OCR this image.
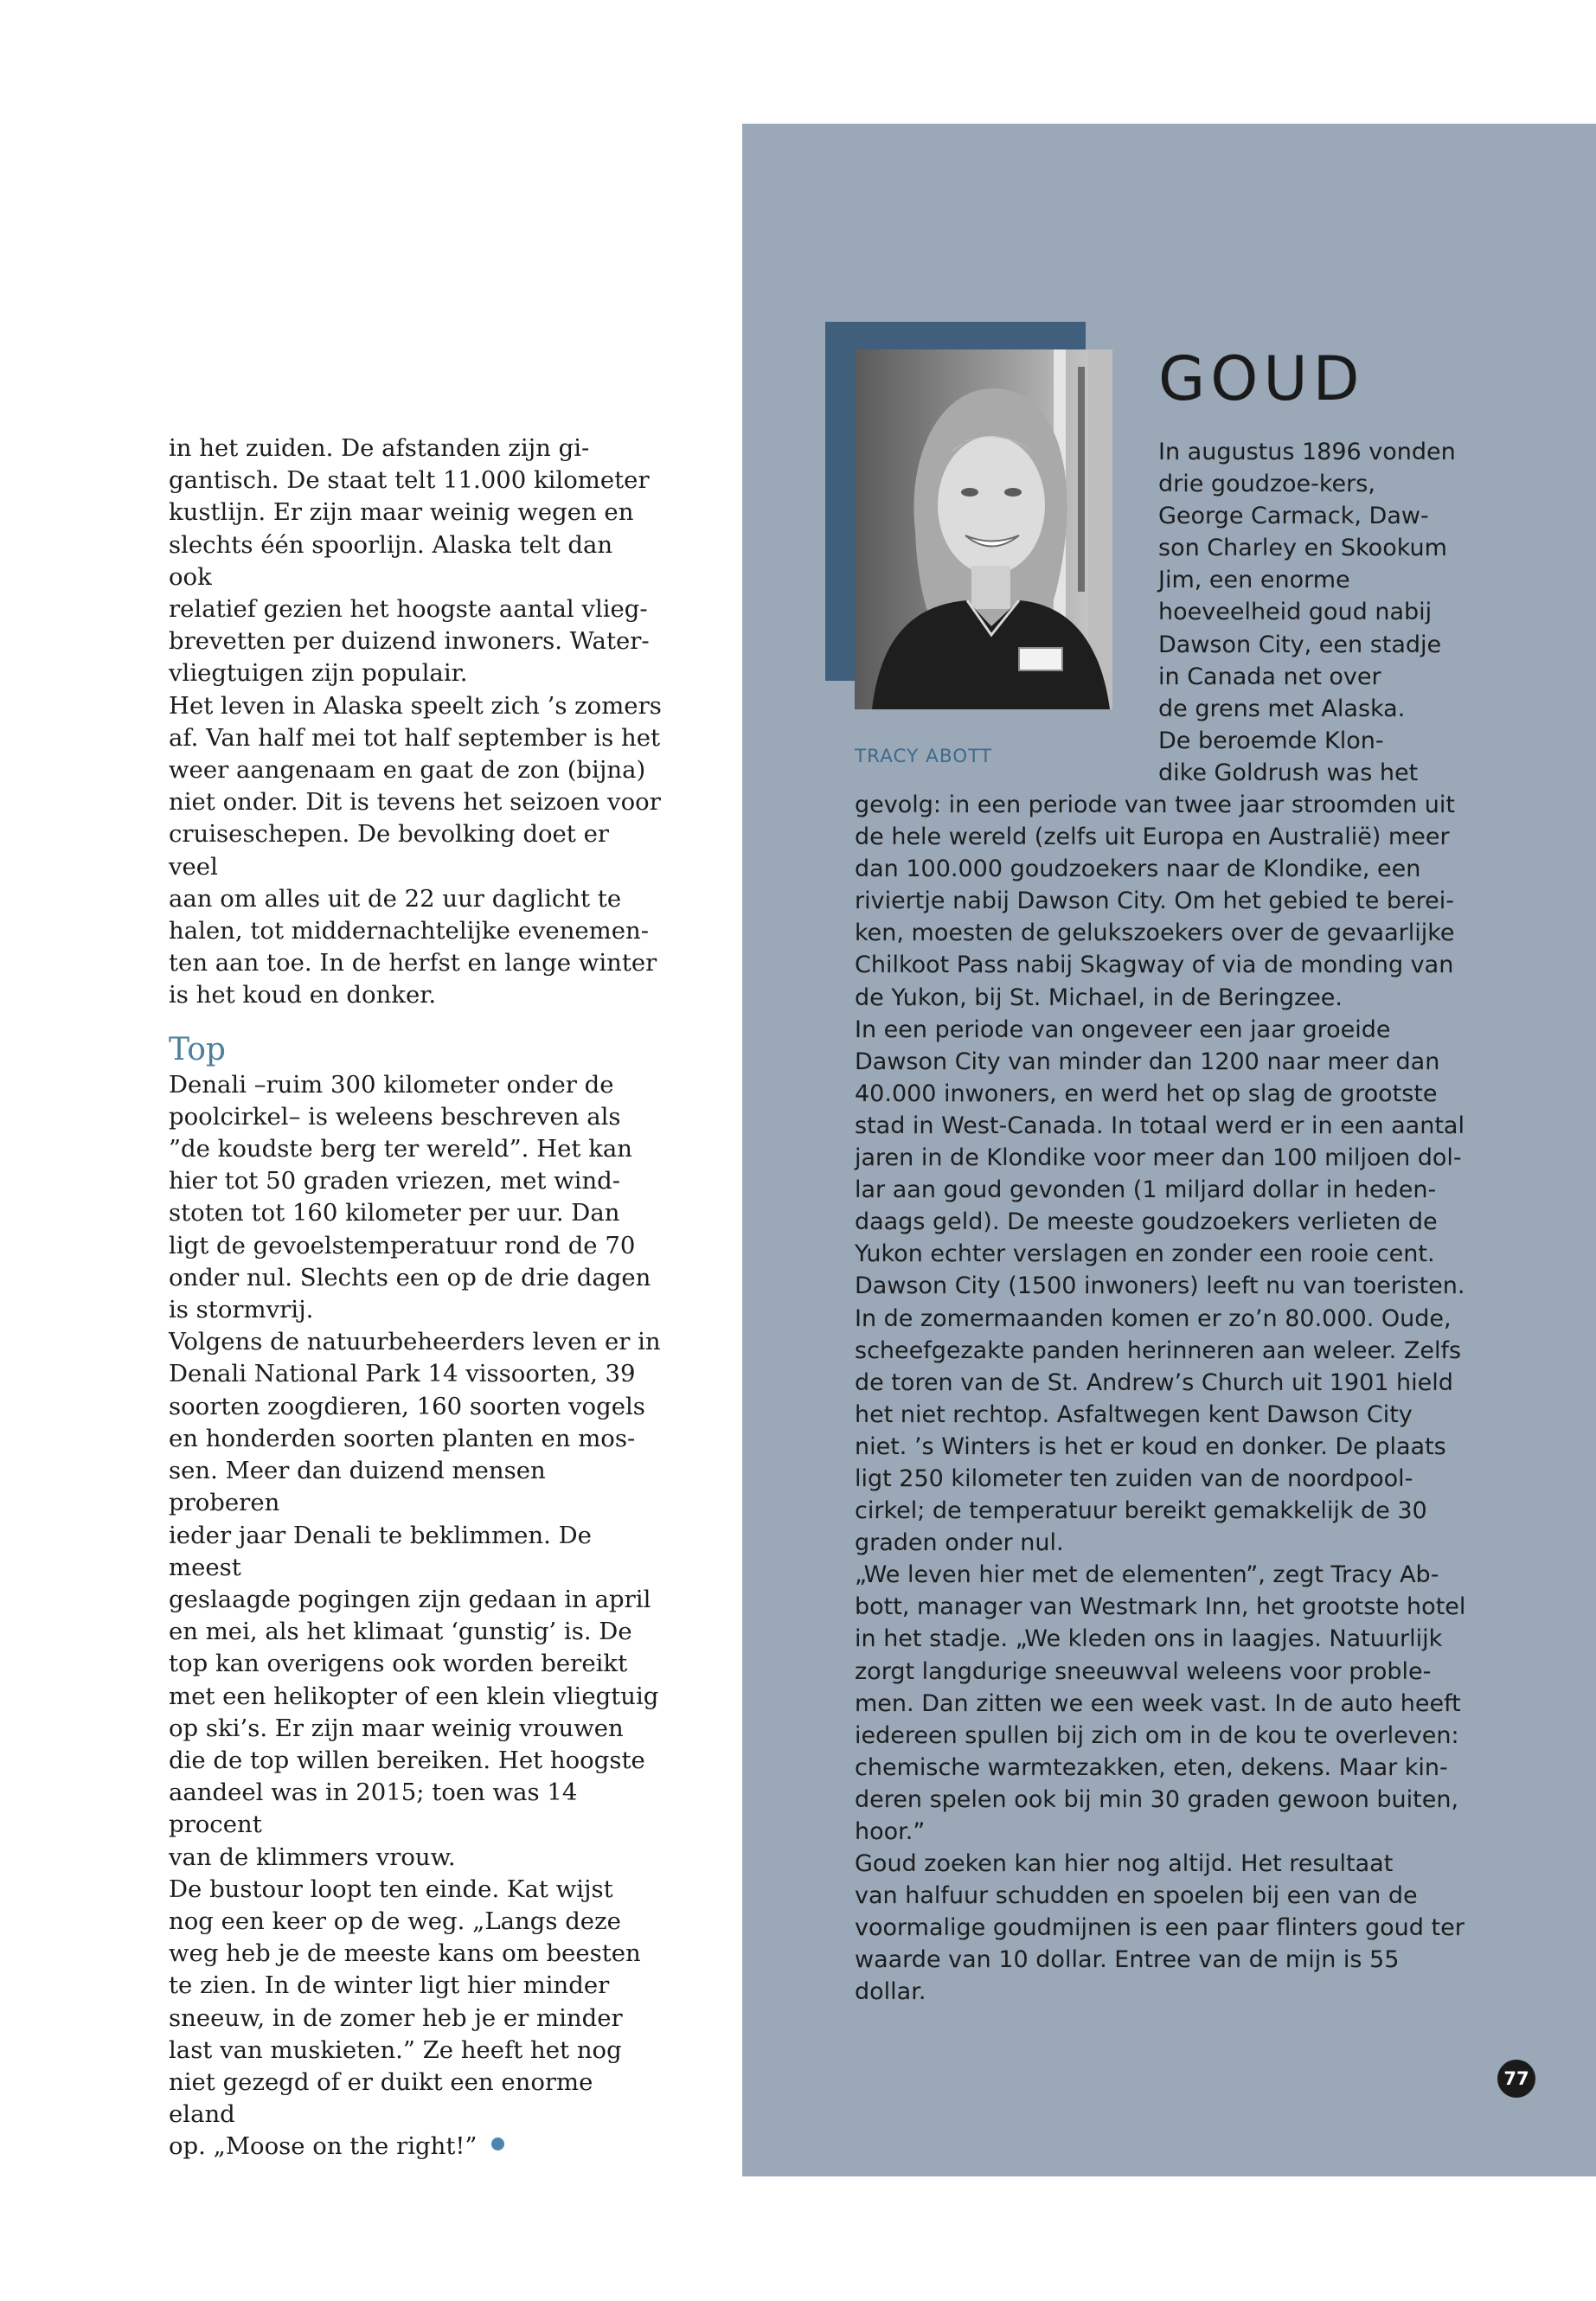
in het zuiden. De afstanden zijn gi-
gantisch. De staat telt 11.000 kilometer
kustlijn. Er zijn maar weinig wegen en
slechts één spoorlijn. Alaska telt dan ook
relatief gezien het hoogste aantal vlieg-
brevetten per duizend inwoners. Water-
vliegtuigen zijn populair.

Het leven in Alaska speelt zich ’s zomers
af. Van half mei tot half september is het
weer aangenaam en gaat de zon (bijna)
niet onder. Dit is tevens het seizoen voor
cruiseschepen. De bevolking doet er veel
aan om alles uit de 22 uur daglicht te
halen, tot middernachtelijke evenemen-
ten aan toe. In de herfst en lange winter
is het koud en donker.

Top

Denali –ruim 300 kilometer onder de
poolcirkel– is weleens beschreven als
”de koudste berg ter wereld”. Het kan
hier tot 50 graden vriezen, met wind-
stoten tot 160 kilometer per uur. Dan
ligt de gevoelstemperatuur rond de 70
onder nul. Slechts een op de drie dagen
is stormvrij.

Volgens de natuurbeheerders leven er in
Denali National Park 14 vissoorten, 39
soorten zoogdieren, 160 soorten vogels
en honderden soorten planten en mos-
sen. Meer dan duizend mensen proberen
ieder jaar Denali te beklimmen. De meest
geslaagde pogingen zijn gedaan in april
en mei, als het klimaat ‘gunstig’ is. De
top kan overigens ook worden bereikt
met een helikopter of een klein vliegtuig
op ski’s. Er zijn maar weinig vrouwen
die de top willen bereiken. Het hoogste
aandeel was in 2015; toen was 14 procent
van de klimmers vrouw.

De bustour loopt ten einde. Kat wijst
nog een keer op de weg. „Langs deze
weg heb je de meeste kans om beesten
te zien. In de winter ligt hier minder
sneeuw, in de zomer heb je er minder
last van muskieten.” Ze heeft het nog
niet gezegd of er duikt een enorme eland
op. „Moose on the right!”

TRACY ABOTT
GOUD

In augustus 1896 vonden
drie goudzoe-kers,
George Carmack, Daw-
son Charley en Skookum
Jim, een enorme
hoeveelheid goud nabij
Dawson City, een stadje
in Canada net over
de grens met Alaska.
De beroemde Klon-
dike Goldrush was het

gevolg: in een periode van twee jaar stroomden uit
de hele wereld (zelfs uit Europa en Australië) meer
dan 100.000 goudzoekers naar de Klondike, een
riviertje nabij Dawson City. Om het gebied te berei-
ken, moesten de gelukszoekers over de gevaarlijke
Chilkoot Pass nabij Skagway of via de monding van
de Yukon, bij St. Michael, in de Beringzee.

In een periode van ongeveer een jaar groeide
Dawson City van minder dan 1200 naar meer dan
40.000 inwoners, en werd het op slag de grootste
stad in West-Canada. In totaal werd er in een aantal
jaren in de Klondike voor meer dan 100 miljoen dol-
lar aan goud gevonden (1 miljard dollar in heden-
daags geld). De meeste goudzoekers verlieten de
Yukon echter verslagen en zonder een rooie cent.
Dawson City (1500 inwoners) leeft nu van toeristen.
In de zomermaanden komen er zo’n 80.000. Oude,
scheefgezakte panden herinneren aan weleer. Zelfs
de toren van de St. Andrew’s Church uit 1901 hield
het niet rechtop. Asfaltwegen kent Dawson City
niet. ’s Winters is het er koud en donker. De plaats
ligt 250 kilometer ten zuiden van de noordpool-
cirkel; de temperatuur bereikt gemakkelijk de 30
graden onder nul.

„We leven hier met de elementen”, zegt Tracy Ab-
bott, manager van Westmark Inn, het grootste hotel
in het stadje. „We kleden ons in laagjes. Natuurlijk
zorgt langdurige sneeuwval weleens voor proble-
men. Dan zitten we een week vast. In de auto heeft
iedereen spullen bij zich om in de kou te overleven:
chemische warmtezakken, eten, dekens. Maar kin-
deren spelen ook bij min 30 graden gewoon buiten,
hoor.”

Goud zoeken kan hier nog altijd. Het resultaat
van halfuur schudden en spoelen bij een van de
voormalige goudmijnen is een paar flinters goud ter
waarde van 10 dollar. Entree van de mijn is 55 dollar.

77
